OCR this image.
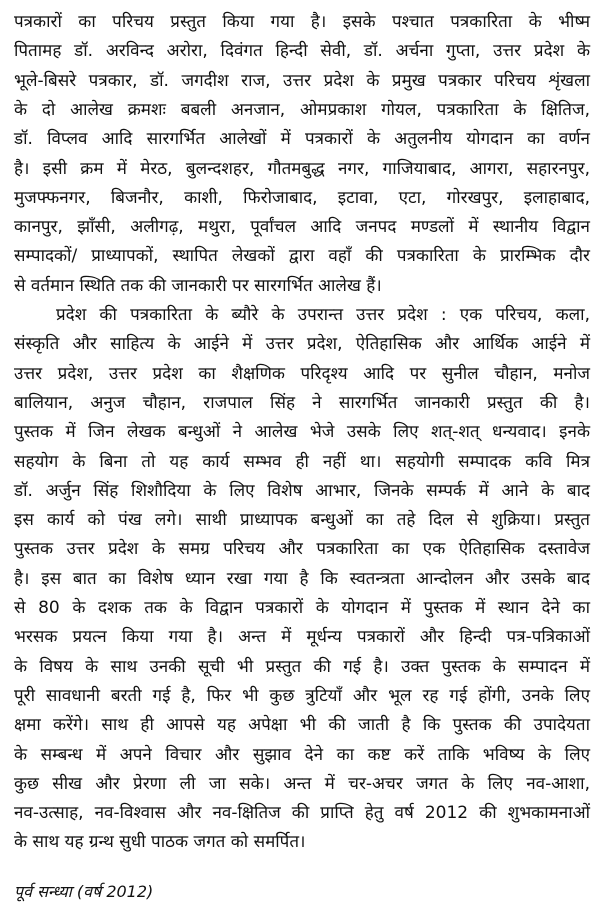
पत्रकारों का परिचय प्रस्तुत किया गया है। इसके पश्चात पत्रकारिता के भीष्म
पितामह डॉ. अरविन्द अरोरा, दिवंगत हिन्दी सेवी, डॉ. अर्चना गुप्ता, उत्तर प्रदेश के
भूले-बिसरे पत्रकार, डॉ. जगदीश राज, उत्तर प्रदेश के प्रमुख पत्रकार परिचय शृंखला
के दो आलेख क्रमशः बबली अनजान, ओमप्रकाश गोयल, पत्रकारिता के क्षितिज,
डॉ. विप्लव आदि सारगर्भित आलेखों में पत्रकारों के अतुलनीय योगदान का वर्णन
है। इसी क्रम में मेरठ, बुलन्दशहर, गौतमबुद्ध नगर, गाजियाबाद, आगरा, सहारनपुर,
मुजफ्फनगर, बिजनौर, काशी, फिरोजाबाद, इटावा, एटा, गोरखपुर, इलाहाबाद,
कानपुर, झाँसी, अलीगढ़, मथुरा, पूर्वांचल आदि जनपद मण्डलों में स्थानीय विद्वान
सम्पादकों/ प्राध्यापकों, स्थापित लेखकों द्वारा वहाँ की पत्रकारिता के प्रारम्भिक दौर
से वर्तमान स्थिति तक की जानकारी पर सारगर्भित आलेख हैं।
प्रदेश की पत्रकारिता के ब्यौरे के उपरान्त उत्तर प्रदेश : एक परिचय, कला,
संस्कृति और साहित्य के आईने में उत्तर प्रदेश, ऐतिहासिक और आर्थिक आईने में
उत्तर प्रदेश, उत्तर प्रदेश का शैक्षणिक परिदृश्य आदि पर सुनील चौहान, मनोज
बालियान, अनुज चौहान, राजपाल सिंह ने सारगर्भित जानकारी प्रस्तुत की है।
पुस्तक में जिन लेखक बन्धुओं ने आलेख भेजे उसके लिए शत्-शत् धन्यवाद। इनके
सहयोग के बिना तो यह कार्य सम्भव ही नहीं था। सहयोगी सम्पादक कवि मित्र
डॉ. अर्जुन सिंह शिशौदिया के लिए विशेष आभार, जिनके सम्पर्क में आने के बाद
इस कार्य को पंख लगे। साथी प्राध्यापक बन्धुओं का तहे दिल से शुक्रिया। प्रस्तुत
पुस्तक उत्तर प्रदेश के समग्र परिचय और पत्रकारिता का एक ऐतिहासिक दस्तावेज
है। इस बात का विशेष ध्यान रखा गया है कि स्वतन्त्रता आन्दोलन और उसके बाद
से 80 के दशक तक के विद्वान पत्रकारों के योगदान में पुस्तक में स्थान देने का
भरसक प्रयत्न किया गया है। अन्त में मूर्धन्य पत्रकारों और हिन्दी पत्र-पत्रिकाओं
के विषय के साथ उनकी सूची भी प्रस्तुत की गई है। उक्त पुस्तक के सम्पादन में
पूरी सावधानी बरती गई है, फिर भी कुछ त्रुटियाँ और भूल रह गई होंगी, उनके लिए
क्षमा करेंगे। साथ ही आपसे यह अपेक्षा भी की जाती है कि पुस्तक की उपादेयता
के सम्बन्ध में अपने विचार और सुझाव देने का कष्ट करें ताकि भविष्य के लिए
कुछ सीख और प्रेरणा ली जा सके। अन्त में चर-अचर जगत के लिए नव-आशा,
नव-उत्साह, नव-विश्वास और नव-क्षितिज की प्राप्ति हेतु वर्ष 2012 की शुभकामनाओं
के साथ यह ग्रन्थ सुधी पाठक जगत को समर्पित।
पूर्व सन्ध्या (वर्ष 2012)
